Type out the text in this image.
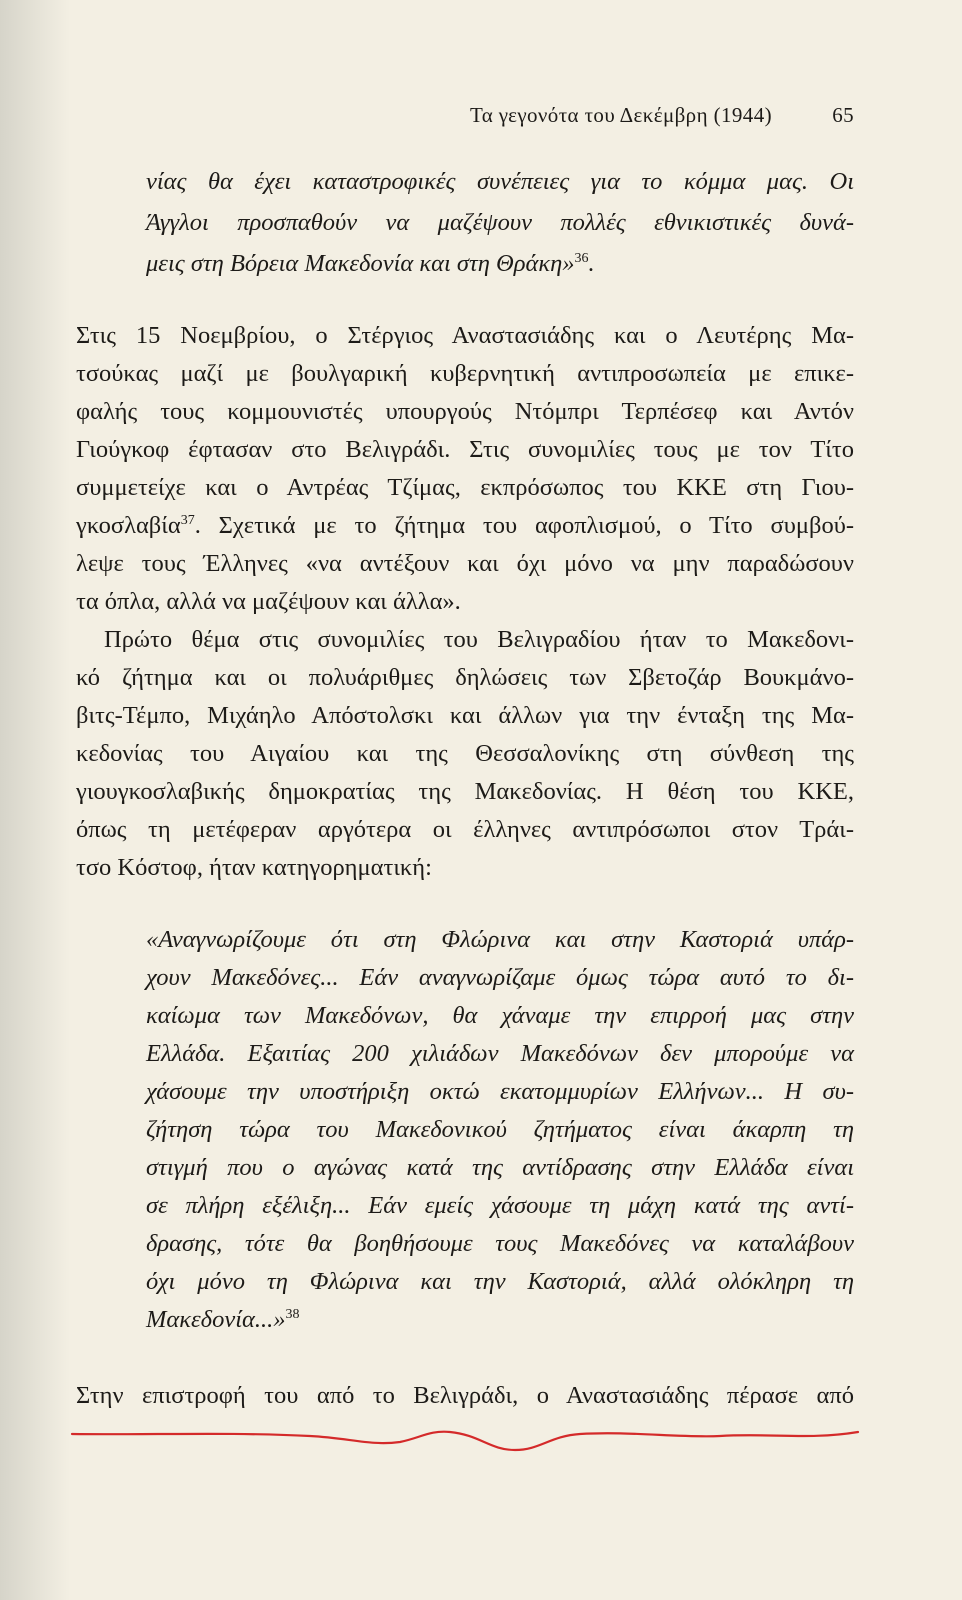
Τα γεγονότα του Δεκέμβρη (1944)	65
νίας θα έχει καταστροφικές συνέπειες για το κόμμα μας. Οι
Άγγλοι προσπαθούν να μαζέψουν πολλές εθνικιστικές δυνά-
μεις στη Βόρεια Μακεδονία και στη Θράκη»$^{36}$.
Στις 15 Νοεμβρίου, ο Στέργιος Αναστασιάδης και ο Λευτέρης Μα-
τσούκας μαζί με βουλγαρική κυβερνητική αντιπροσωπεία με επικε-
φαλής τους κομμουνιστές υπουργούς Ντόμπρι Τερπέσεφ και Αντόν
Γιούγκοφ έφτασαν στο Βελιγράδι. Στις συνομιλίες τους με τον Τίτο
συμμετείχε και ο Αντρέας Τζίμας, εκπρόσωπος του ΚΚΕ στη Γιου-
γκοσλαβία$^{37}$. Σχετικά με το ζήτημα του αφοπλισμού, ο Τίτο συμβού-
λεψε τους Έλληνες «να αντέξουν και όχι μόνο να μην παραδώσουν
τα όπλα, αλλά να μαζέψουν και άλλα».
Πρώτο θέμα στις συνομιλίες του Βελιγραδίου ήταν το Μακεδονι-
κό ζήτημα και οι πολυάριθμες δηλώσεις των Σβετοζάρ Βουκμάνο-
βιτς-Τέμπο, Μιχάηλο Απόστολσκι και άλλων για την ένταξη της Μα-
κεδονίας του Αιγαίου και της Θεσσαλονίκης στη σύνθεση της
γιουγκοσλαβικής δημοκρατίας της Μακεδονίας. Η θέση του ΚΚΕ,
όπως τη μετέφεραν αργότερα οι έλληνες αντιπρόσωποι στον Τράι-
τσο Κόστοφ, ήταν κατηγορηματική:
«Αναγνωρίζουμε ότι στη Φλώρινα και στην Καστοριά υπάρ-
χουν Μακεδόνες... Εάν αναγνωρίζαμε όμως τώρα αυτό το δι-
καίωμα των Μακεδόνων, θα χάναμε την επιρροή μας στην
Ελλάδα. Εξαιτίας 200 χιλιάδων Μακεδόνων δεν μπορούμε να
χάσουμε την υποστήριξη οκτώ εκατομμυρίων Ελλήνων... Η συ-
ζήτηση τώρα του Μακεδονικού ζητήματος είναι άκαρπη τη
στιγμή που ο αγώνας κατά της αντίδρασης στην Ελλάδα είναι
σε πλήρη εξέλιξη... Εάν εμείς χάσουμε τη μάχη κατά της αντί-
δρασης, τότε θα βοηθήσουμε τους Μακεδόνες να καταλάβουν
όχι μόνο τη Φλώρινα και την Καστοριά, αλλά ολόκληρη τη
Μακεδονία...»$^{38}$
Στην επιστροφή του από το Βελιγράδι, ο Αναστασιάδης πέρασε από
